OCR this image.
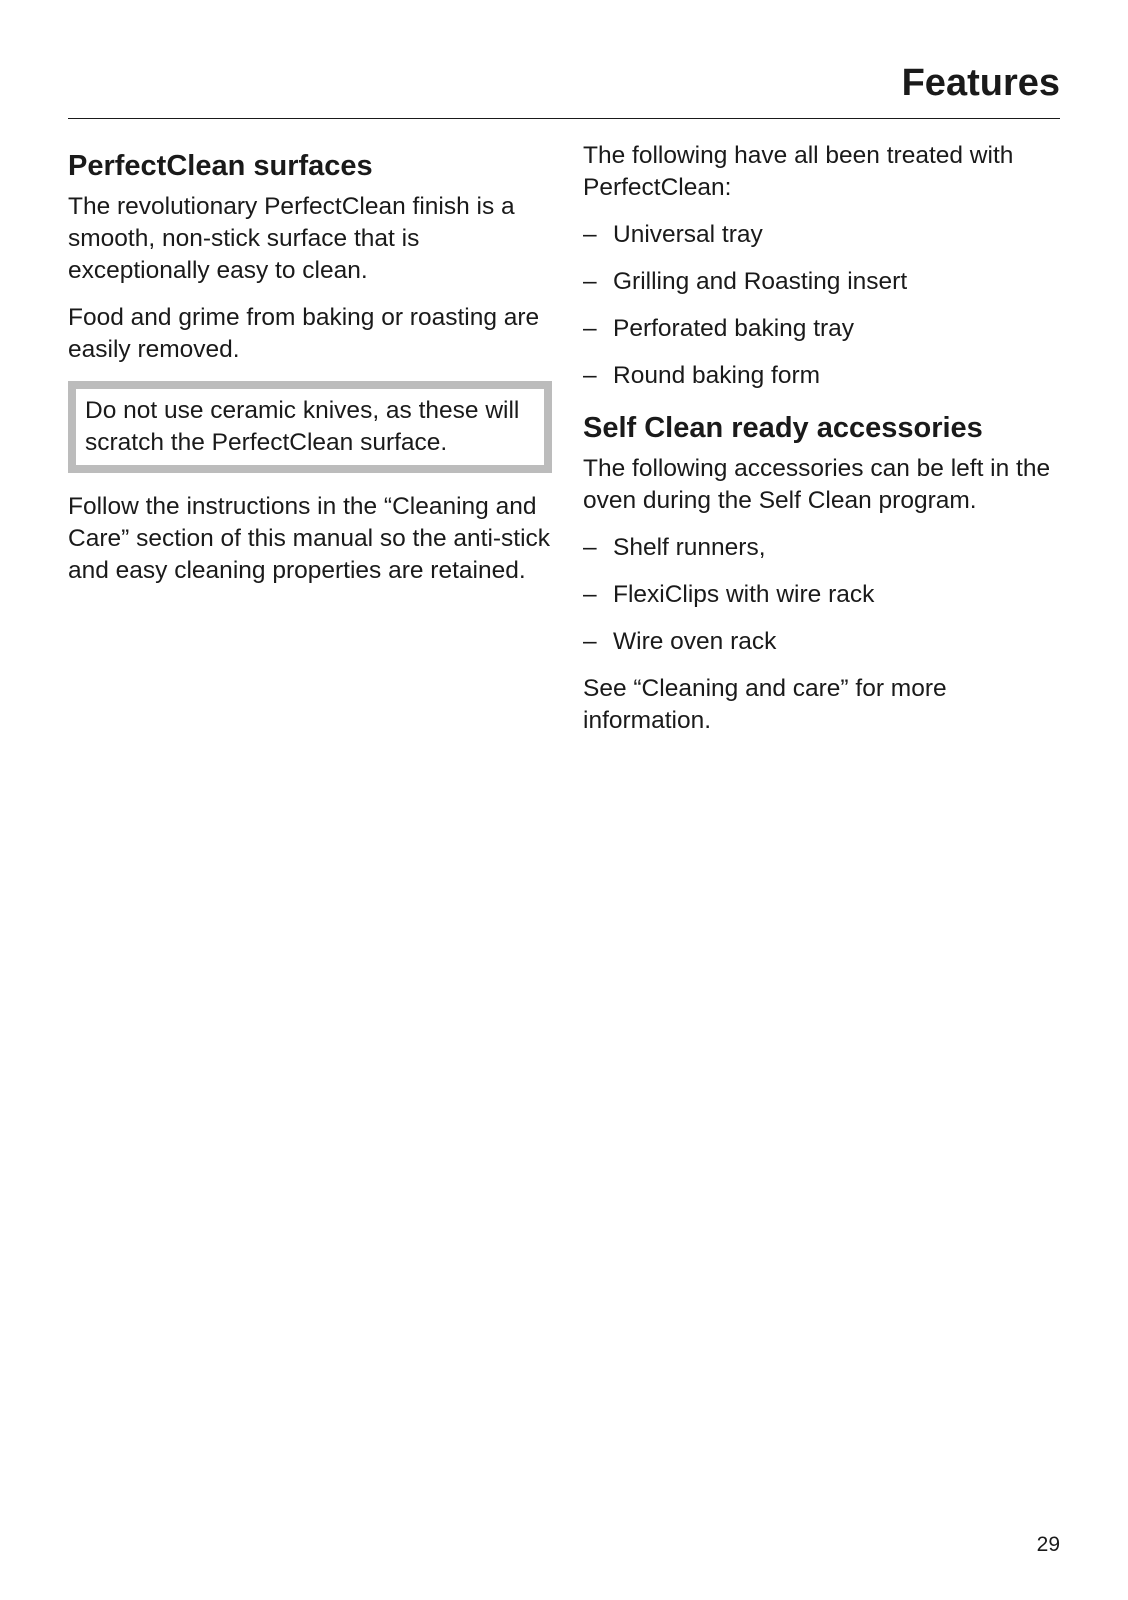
Features
PerfectClean surfaces

The revolutionary PerfectClean finish is a smooth, non-stick surface that is exceptionally easy to clean.

Food and grime from baking or roasting are easily removed.

Do not use ceramic knives, as these will scratch the PerfectClean surface.

Follow the instructions in the “Cleaning and Care” section of this manual so the anti-stick and easy cleaning properties are retained.

The following have all been treated with PerfectClean:

– Universal tray
– Grilling and Roasting insert
– Perforated baking tray
– Round baking form
Self Clean ready accessories

The following accessories can be left in the oven during the Self Clean program.

– Shelf runners,
– FlexiClips with wire rack
– Wire oven rack

See “Cleaning and care” for more information.

29
